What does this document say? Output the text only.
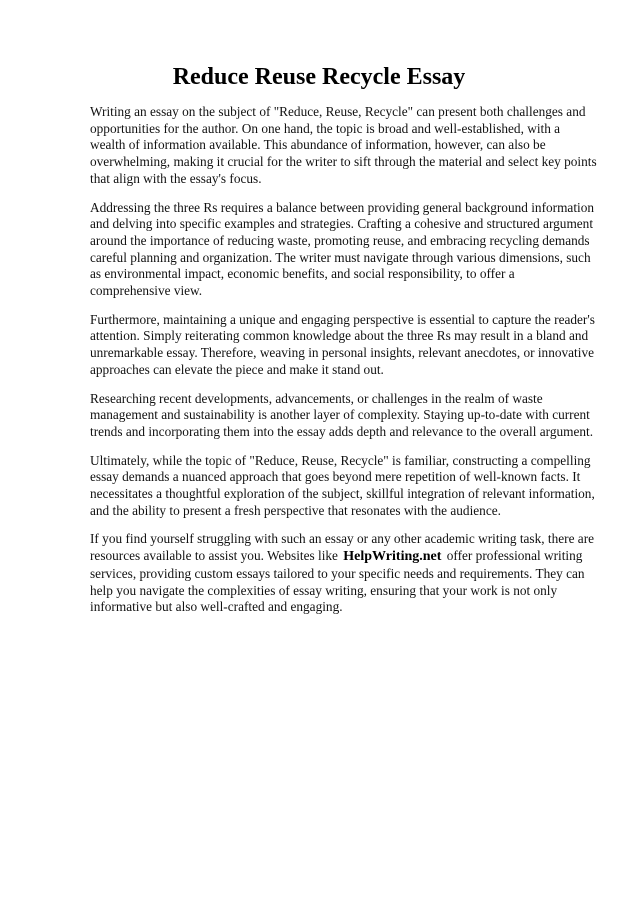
Reduce Reuse Recycle Essay

Writing an essay on the subject of "Reduce, Reuse, Recycle" can present both challenges and opportunities for the author. On one hand, the topic is broad and well-established, with a wealth of information available. This abundance of information, however, can also be overwhelming, making it crucial for the writer to sift through the material and select key points that align with the essay's focus.

Addressing the three Rs requires a balance between providing general background information and delving into specific examples and strategies. Crafting a cohesive and structured argument around the importance of reducing waste, promoting reuse, and embracing recycling demands careful planning and organization. The writer must navigate through various dimensions, such as environmental impact, economic benefits, and social responsibility, to offer a comprehensive view.

Furthermore, maintaining a unique and engaging perspective is essential to capture the reader's attention. Simply reiterating common knowledge about the three Rs may result in a bland and unremarkable essay. Therefore, weaving in personal insights, relevant anecdotes, or innovative approaches can elevate the piece and make it stand out.

Researching recent developments, advancements, or challenges in the realm of waste management and sustainability is another layer of complexity. Staying up-to-date with current trends and incorporating them into the essay adds depth and relevance to the overall argument.

Ultimately, while the topic of "Reduce, Reuse, Recycle" is familiar, constructing a compelling essay demands a nuanced approach that goes beyond mere repetition of well-known facts. It necessitates a thoughtful exploration of the subject, skillful integration of relevant information, and the ability to present a fresh perspective that resonates with the audience.

If you find yourself struggling with such an essay or any other academic writing task, there are resources available to assist you. Websites like HelpWriting.net offer professional writing services, providing custom essays tailored to your specific needs and requirements. They can help you navigate the complexities of essay writing, ensuring that your work is not only informative but also well-crafted and engaging.
